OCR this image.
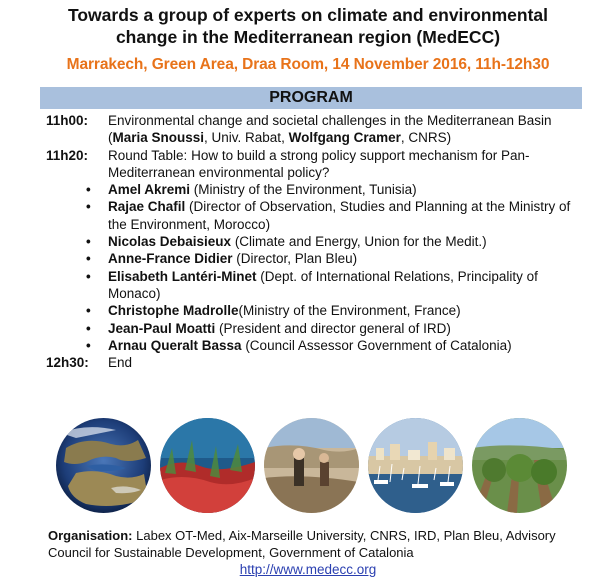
Towards a group of experts on climate and environmental
change in the Mediterranean region (MedECC)
Marrakech, Green Area, Draa Room, 14 November 2016, 11h-12h30
PROGRAM
11h00: Environmental change and societal challenges in the Mediterranean Basin (Maria Snoussi, Univ. Rabat, Wolfgang Cramer, CNRS)
11h20: Round Table: How to build a strong policy support mechanism for Pan-Mediterranean environmental policy?
• Amel Akremi (Ministry of the Environment, Tunisia)
• Rajae Chafil (Director of Observation, Studies and Planning at the Ministry of the Environment, Morocco)
• Nicolas Debaisieux (Climate and Energy, Union for the Medit.)
• Anne-France Didier (Director, Plan Bleu)
• Elisabeth Lantéri-Minet (Dept. of International Relations, Principality of Monaco)
• Christophe Madrolle(Ministry of the Environment, France)
• Jean-Paul Moatti (President and director general of IRD)
• Arnau Queralt Bassa (Council Assessor Government of Catalonia)
12h30: End
Organisation: Labex OT-Med, Aix-Marseille University, CNRS, IRD, Plan Bleu, Advisory Council for Sustainable Development, Government of Catalonia
http://www.medecc.org
